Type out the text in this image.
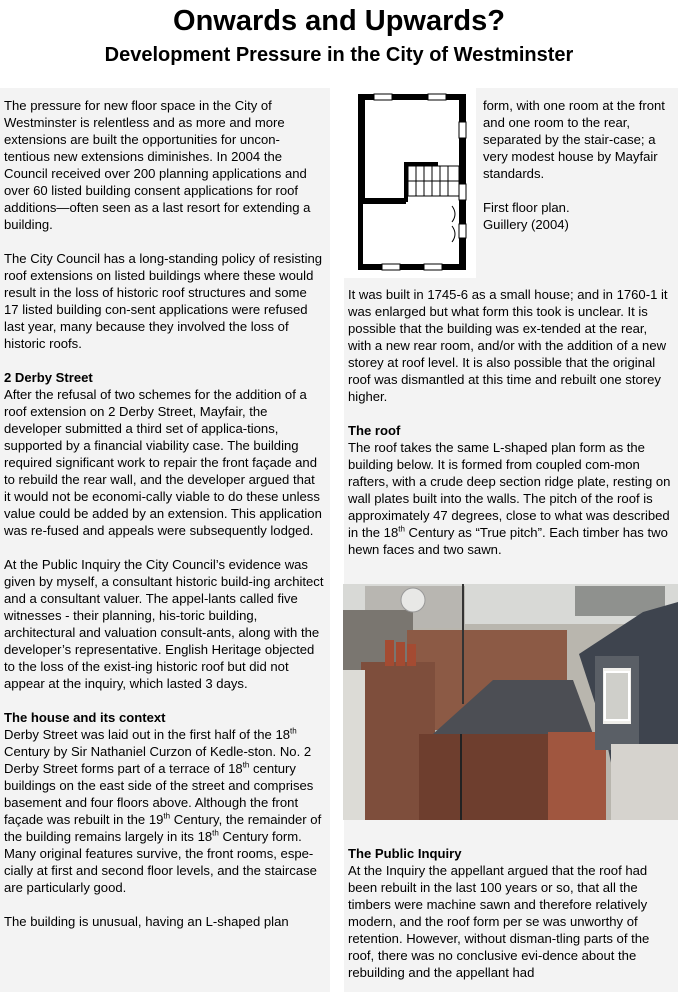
Onwards and Upwards?
Development Pressure in the City of Westminster

The pressure for new floor space in the City of Westminster is relentless and as more and more extensions are built the opportunities for uncon-tentious new extensions diminishes. In 2004 the Council received over 200 planning applications and over 60 listed building consent applications for roof additions—often seen as a last resort for extending a building.

The City Council has a long-standing policy of resisting roof extensions on listed buildings where these would result in the loss of historic roof structures and some 17 listed building con-sent applications were refused last year, many because they involved the loss of historic roofs.

2 Derby Street

After the refusal of two schemes for the addition of a roof extension on 2 Derby Street, Mayfair, the developer submitted a third set of applica-tions, supported by a financial viability case. The building required significant work to repair the front façade and to rebuild the rear wall, and the developer argued that it would not be economi-cally viable to do these unless value could be added by an extension. This application was re-fused and appeals were subsequently lodged.

At the Public Inquiry the City Council’s evidence was given by myself, a consultant historic build-ing architect and a consultant valuer. The appel-lants called five witnesses - their planning, his-toric building, architectural and valuation consult-ants, along with the developer’s representative. English Heritage objected to the loss of the exist-ing historic roof but did not appear at the inquiry, which lasted 3 days.

The house and its context

Derby Street was laid out in the first half of the 18th Century by Sir Nathaniel Curzon of Kedle-ston. No. 2 Derby Street forms part of a terrace of 18th century buildings on the east side of the street and comprises basement and four floors above. Although the front façade was rebuilt in the 19th Century, the remainder of the building remains largely in its 18th Century form. Many original features survive, the front rooms, espe-cially at first and second floor levels, and the staircase are particularly good.

The building is unusual, having an L-shaped plan

form, with one room at the front and one room to the rear, separated by the stair-case; a very modest house by Mayfair standards.

First floor plan.
Guillery (2004)

It was built in 1745-6 as a small house; and in 1760-1 it was enlarged but what form this took is unclear. It is possible that the building was ex-tended at the rear, with a new rear room, and/or with the addition of a new storey at roof level. It is also possible that the original roof was dismantled at this time and rebuilt one storey higher.

The roof

The roof takes the same L-shaped plan form as the building below. It is formed from coupled com-mon rafters, with a crude deep section ridge plate, resting on wall plates built into the walls. The pitch of the roof is approximately 47 degrees, close to what was described in the 18th Century as “True pitch”. Each timber has two hewn faces and two sawn.

The Public Inquiry

At the Inquiry the appellant argued that the roof had been rebuilt in the last 100 years or so, that all the timbers were machine sawn and therefore relatively modern, and the roof form per se was unworthy of retention. However, without disman-tling parts of the roof, there was no conclusive evi-dence about the rebuilding and the appellant had
